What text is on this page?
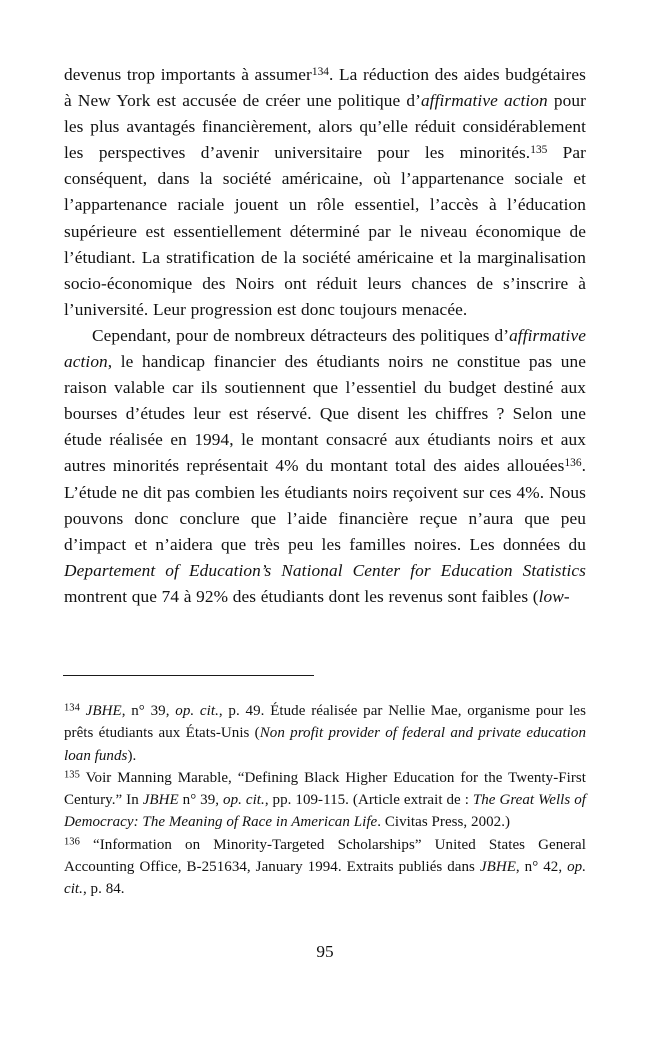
devenus trop importants à assumer$^{134}$. La réduction des aides budgétaires à New York est accusée de créer une politique d’affirmative action pour les plus avantagés financièrement, alors qu’elle réduit considérablement les perspectives d’avenir universitaire pour les minorités.$^{135}$ Par conséquent, dans la société américaine, où l’appartenance sociale et l’appartenance raciale jouent un rôle essentiel, l’accès à l’éducation supérieure est essentiellement déterminé par le niveau économique de l’étudiant. La stratification de la société américaine et la marginalisation socio-économique des Noirs ont réduit leurs chances de s’inscrire à l’université. Leur progression est donc toujours menacée.

Cependant, pour de nombreux détracteurs des politiques d’affirmative action, le handicap financier des étudiants noirs ne constitue pas une raison valable car ils soutiennent que l’essentiel du budget destiné aux bourses d’études leur est réservé. Que disent les chiffres ? Selon une étude réalisée en 1994, le montant consacré aux étudiants noirs et aux autres minorités représentait 4% du montant total des aides allouées$^{136}$. L’étude ne dit pas combien les étudiants noirs reçoivent sur ces 4%. Nous pouvons donc conclure que l’aide financière reçue n’aura que peu d’impact et n’aidera que très peu les familles noires. Les données du Departement of Education’s National Center for Education Statistics montrent que 74 à 92% des étudiants dont les revenus sont faibles (low-

$^{134}$ JBHE, n° 39, op. cit., p. 49. Étude réalisée par Nellie Mae, organisme pour les prêts étudiants aux États-Unis (Non profit provider of federal and private education loan funds).

$^{135}$ Voir Manning Marable, “Defining Black Higher Education for the Twenty-First Century.” In JBHE n° 39, op. cit., pp. 109-115. (Article extrait de : The Great Wells of Democracy: The Meaning of Race in American Life. Civitas Press, 2002.)

$^{136}$ “Information on Minority-Targeted Scholarships” United States General Accounting Office, B-251634, January 1994. Extraits publiés dans JBHE, n° 42, op. cit., p. 84.

95
